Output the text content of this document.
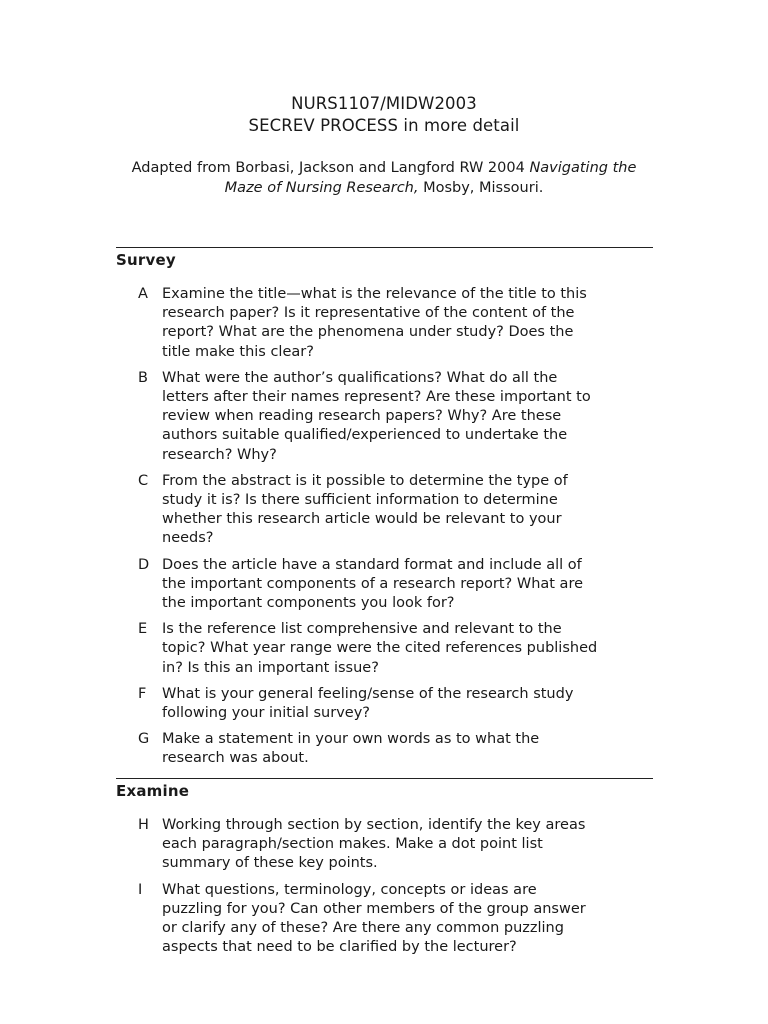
NURS1107/MIDW2003
SECREV PROCESS in more detail
Adapted from Borbasi, Jackson and Langford RW 2004 Navigating the Maze of Nursing Research, Mosby, Missouri.
Survey
A Examine the title—what is the relevance of the title to this
research paper? Is it representative of the content of the
report? What are the phenomena under study? Does the
title make this clear?
B What were the author’s qualifications? What do all the
letters after their names represent? Are these important to
review when reading research papers? Why? Are these
authors suitable qualified/experienced to undertake the
research? Why?
C From the abstract is it possible to determine the type of
study it is? Is there sufficient information to determine
whether this research article would be relevant to your
needs?
D Does the article have a standard format and include all of
the important components of a research report? What are
the important components you look for?
E	Is the reference list comprehensive and relevant to the
topic? What year range were the cited references published
in? Is this an important issue?
F	What is your general feeling/sense of the research study
following your initial survey?
G Make a statement in your own words as to what the
research was about.
Examine
H Working through section by section, identify the key areas
each paragraph/section makes. Make a dot point list
summary of these key points.
I	What questions, terminology, concepts or ideas are
puzzling for you? Can other members of the group answer
or clarify any of these? Are there any common puzzling
aspects that need to be clarified by the lecturer?
